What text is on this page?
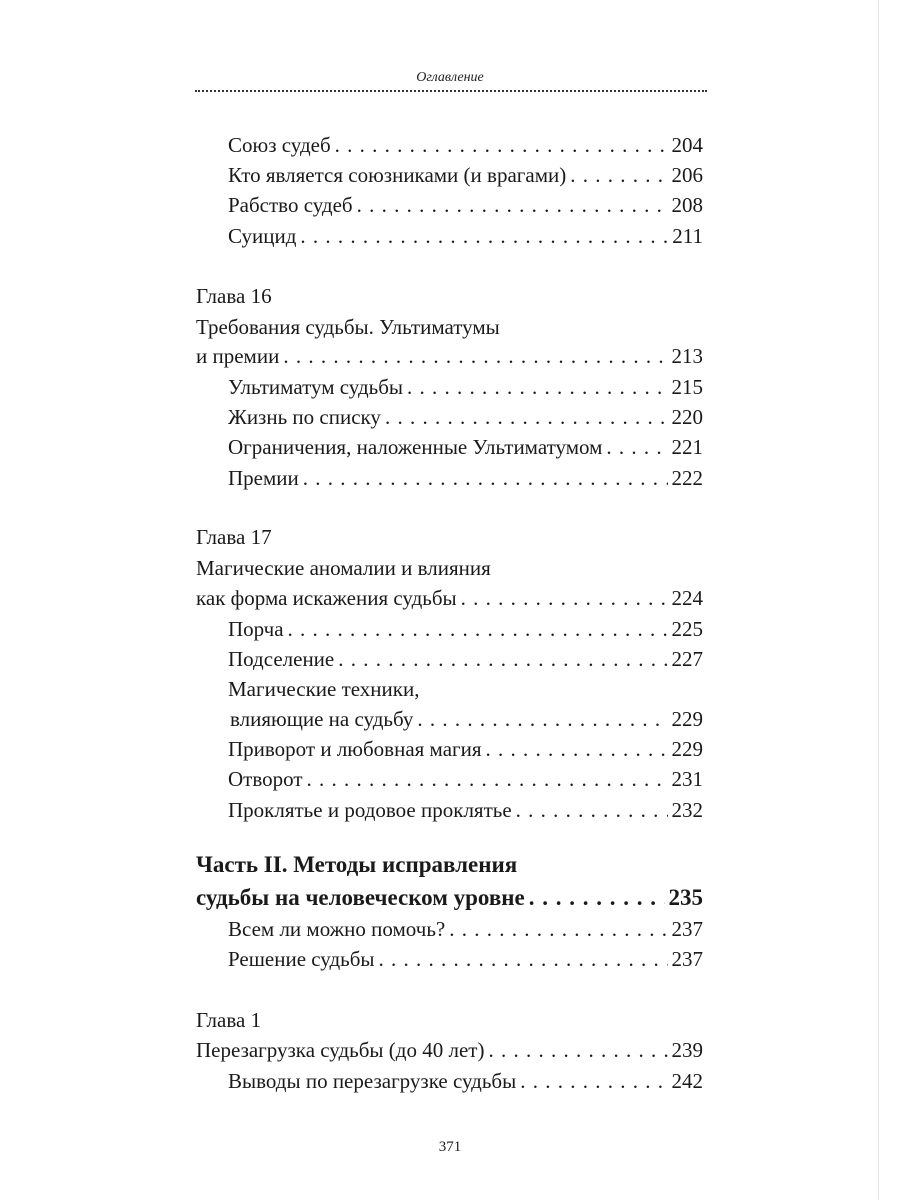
Оглавление
Союз судеб . . .	204
Кто является союзниками (и врагами) . . .	206
Рабство судеб . . .	208
Суицид . . .	211
Глава 16
Требования судьбы. Ультиматумы
и премии . . .	213
Ультиматум судьбы . . .	215
Жизнь по списку . . .	220
Ограничения, наложенные Ультиматумом . . .	221
Премии . . .	222
Глава 17
Магические аномалии и влияния
как форма искажения судьбы . . .	224
Порча . . .	225
Подселение . . .	227
Магические техники,
влияющие на судьбу . . .	229
Приворот и любовная магия . . .	229
Отворот . . .	231
Проклятье и родовое проклятье . . .	232
Часть II. Методы исправления
судьбы на человеческом уровне . . .	235
Всем ли можно помочь? . . .	237
Решение судьбы . . .	237
Глава 1
Перезагрузка судьбы (до 40 лет) . . .	239
Выводы по перезагрузке судьбы . . .	242
371
